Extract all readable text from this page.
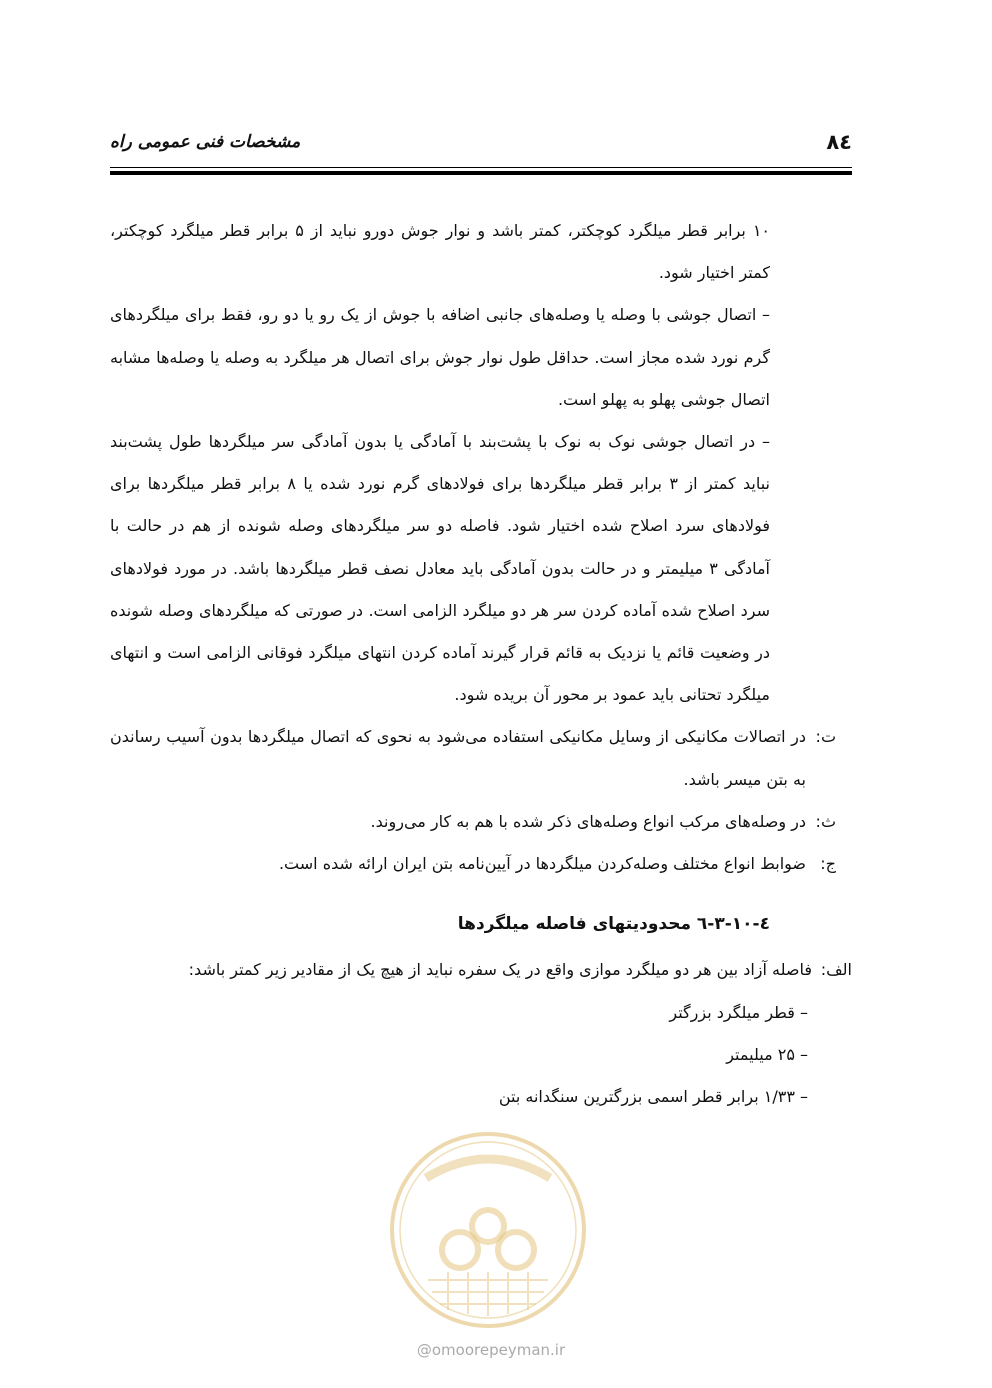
۸٤
مشخصات فنی عمومی راه

۱۰ برابر قطر میلگرد کوچکتر، کمتر باشد و نوار جوش دورو نباید از ۵ برابر قطر میلگرد کوچکتر، کمتر اختیار شود.

– اتصال جوشی با وصله یا وصله‌های جانبی اضافه با جوش از یک رو یا دو رو، فقط برای میلگردهای گرم نورد شده مجاز است. حداقل طول نوار جوش برای اتصال هر میلگرد به وصله یا وصله‌ها مشابه اتصال جوشی پهلو به پهلو است.

– در اتصال جوشی نوک به نوک با پشت‌بند با آمادگی یا بدون آمادگی سر میلگردها طول پشت‌بند نباید کمتر از ۳ برابر قطر میلگردها برای فولادهای گرم نورد شده یا ۸ برابر قطر میلگردها برای فولادهای سرد اصلاح شده اختیار شود. فاصله دو سر میلگردهای وصله شونده از هم در حالت با آمادگی ۳ میلیمتر و در حالت بدون آمادگی باید معادل نصف قطر میلگردها باشد. در مورد فولادهای سرد اصلاح شده آماده کردن سر هر دو میلگرد الزامی است. در صورتی که میلگردهای وصله شونده در وضعیت قائم یا نزدیک به قائم قرار گیرند آماده کردن انتهای میلگرد فوقانی الزامی است و انتهای میلگرد تحتانی باید عمود بر محور آن بریده شود.

ت:
در اتصالات مکانیکی از وسایل مکانیکی استفاده می‌شود به نحوی که اتصال میلگردها بدون آسیب رساندن به بتن میسر باشد.
ث:
در وصله‌های مرکب انواع وصله‌های ذکر شده با هم به کار می‌روند.
ج:
ضوابط انواع مختلف وصله‌کردن میلگردها در آیین‌نامه بتن ایران ارائه شده است.
٤-۳-۱۰-٦ محدودیتهای فاصله میلگردها
الف:
فاصله آزاد بین هر دو میلگرد موازی واقع در یک سفره نباید از هیچ یک از مقادیر زیر کمتر باشد:

– قطر میلگرد بزرگتر

– ۲۵ میلیمتر

– ۱/۳۳ برابر قطر اسمی بزرگترین سنگدانه بتن

@omoorepeyman.ir
